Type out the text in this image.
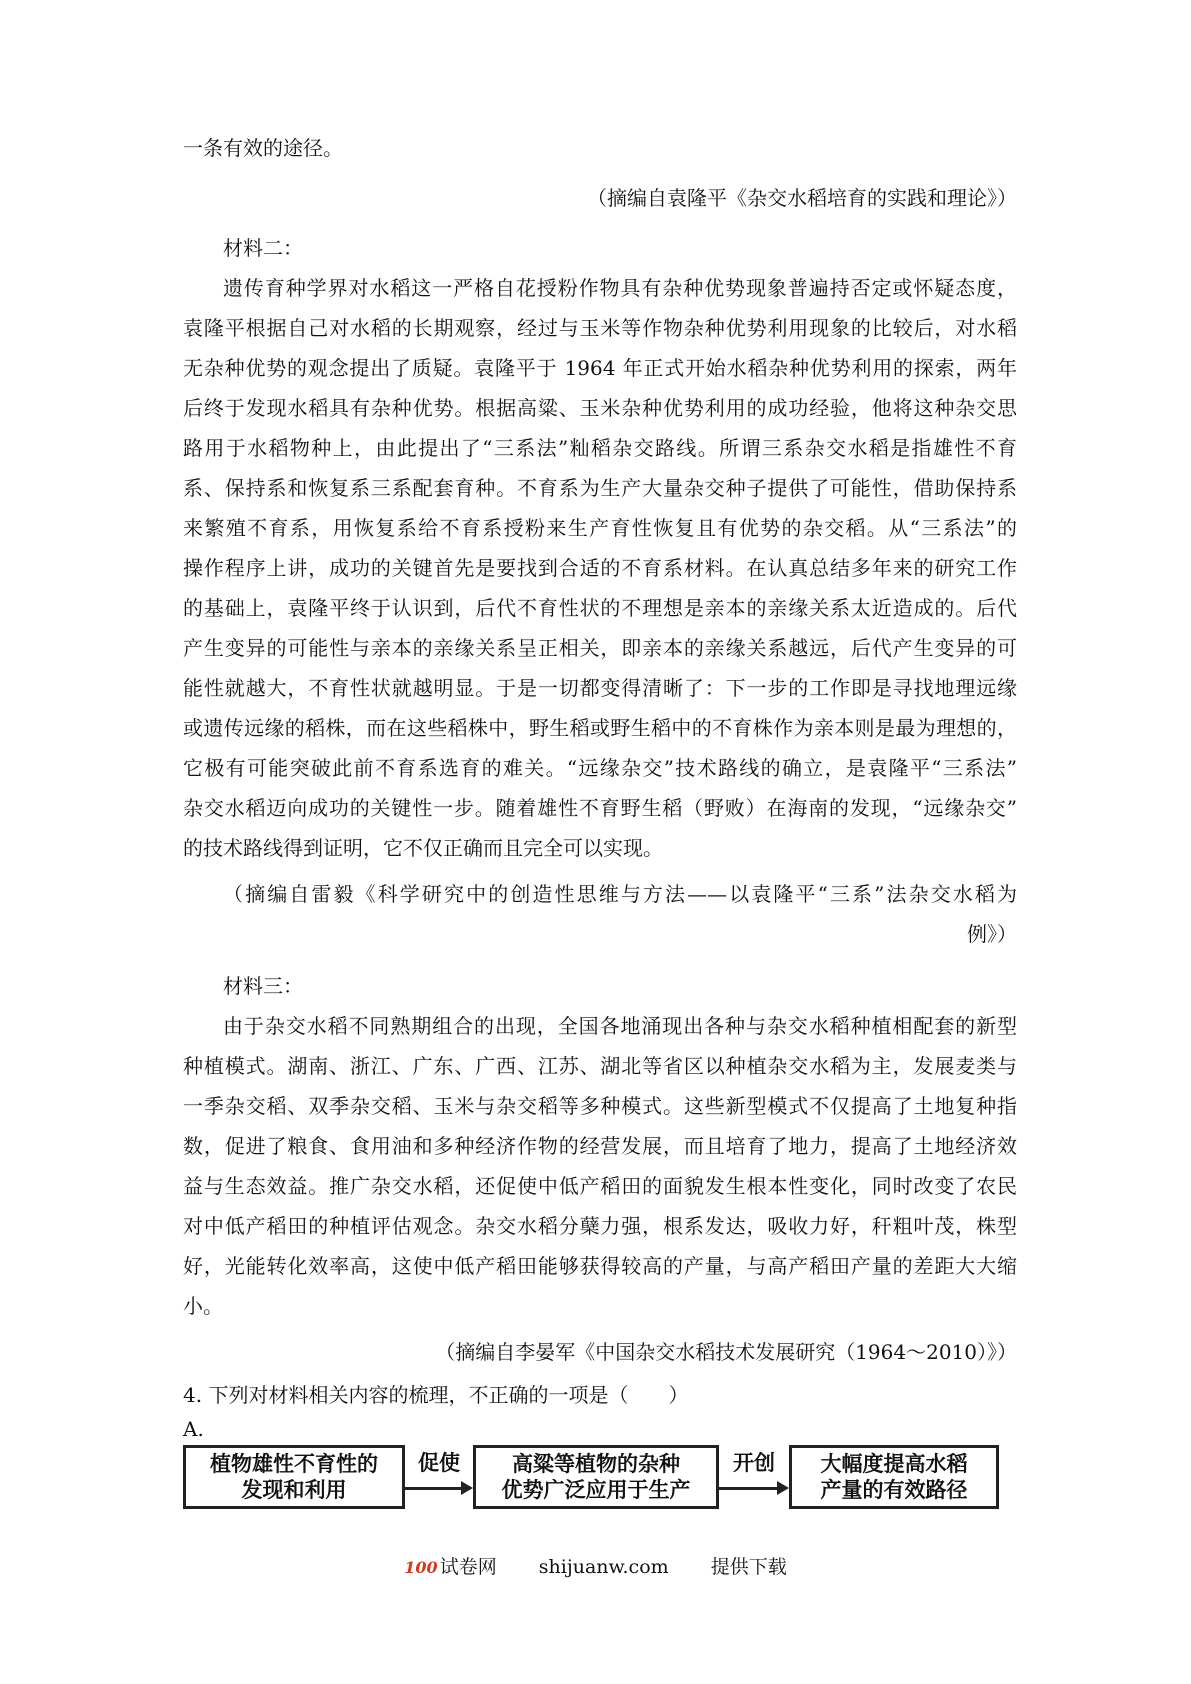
一条有效的途径。
（摘编自袁隆平《杂交水稻培育的实践和理论》）
材料二：
遗传育种学界对水稻这一严格自花授粉作物具有杂种优势现象普遍持否定或怀疑态度，
袁隆平根据自己对水稻的长期观察，经过与玉米等作物杂种优势利用现象的比较后，对水稻
无杂种优势的观念提出了质疑。袁隆平于 1964 年正式开始水稻杂种优势利用的探索，两年
后终于发现水稻具有杂种优势。根据高粱、玉米杂种优势利用的成功经验，他将这种杂交思
路用于水稻物种上，由此提出了“三系法”籼稻杂交路线。所谓三系杂交水稻是指雄性不育
系、保持系和恢复系三系配套育种。不育系为生产大量杂交种子提供了可能性，借助保持系
来繁殖不育系，用恢复系给不育系授粉来生产育性恢复且有优势的杂交稻。从“三系法”的
操作程序上讲，成功的关键首先是要找到合适的不育系材料。在认真总结多年来的研究工作
的基础上，袁隆平终于认识到，后代不育性状的不理想是亲本的亲缘关系太近造成的。后代
产生变异的可能性与亲本的亲缘关系呈正相关，即亲本的亲缘关系越远，后代产生变异的可
能性就越大，不育性状就越明显。于是一切都变得清晰了：下一步的工作即是寻找地理远缘
或遗传远缘的稻株，而在这些稻株中，野生稻或野生稻中的不育株作为亲本则是最为理想的，
它极有可能突破此前不育系选育的难关。“远缘杂交”技术路线的确立，是袁隆平“三系法”
杂交水稻迈向成功的关键性一步。随着雄性不育野生稻（野败）在海南的发现，“远缘杂交”
的技术路线得到证明，它不仅正确而且完全可以实现。
（摘编自雷毅《科学研究中的创造性思维与方法——以袁隆平“三系”法杂交水稻为
例》）
材料三：
由于杂交水稻不同熟期组合的出现，全国各地涌现出各种与杂交水稻种植相配套的新型
种植模式。湖南、浙江、广东、广西、江苏、湖北等省区以种植杂交水稻为主，发展麦类与
一季杂交稻、双季杂交稻、玉米与杂交稻等多种模式。这些新型模式不仅提高了土地复种指
数，促进了粮食、食用油和多种经济作物的经营发展，而且培育了地力，提高了土地经济效
益与生态效益。推广杂交水稻，还促使中低产稻田的面貌发生根本性变化，同时改变了农民
对中低产稻田的种植评估观念。杂交水稻分蘖力强，根系发达，吸收力好，秆粗叶茂，株型
好，光能转化效率高，这使中低产稻田能够获得较高的产量，与高产稻田产量的差距大大缩
小。
（摘编自李晏军《中国杂交水稻技术发展研究（1964～2010）》）
4. 下列对材料相关内容的梳理，不正确的一项是（　　）
A.
植物雄性不育性的
发现和利用
促使	高粱等植物的杂种
优势广泛应用于生产
开创	大幅度提高水稻
产量的有效路径
100 试卷网 shijuanw.com 提供下载
